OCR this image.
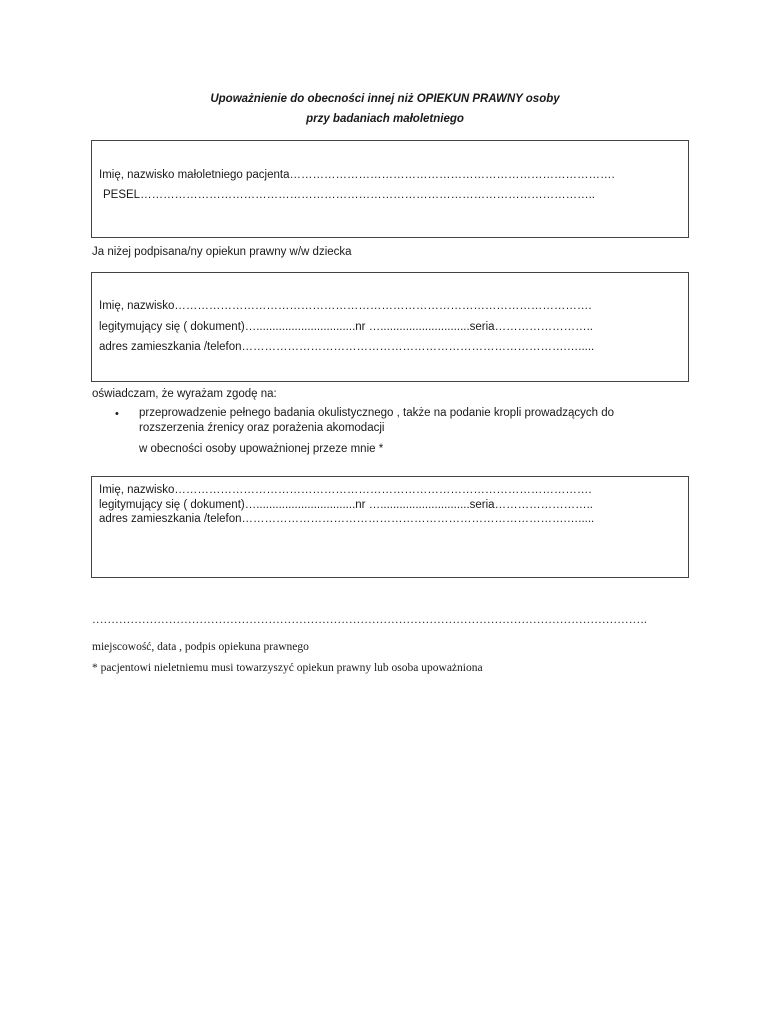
Upoważnienie do obecności innej niż OPIEKUN PRAWNY osoby
przy badaniach małoletniego
Imię, nazwisko małoletniego pacjenta………………………………………………………………………….
PESEL………………………………………………………………………………………………………..
Ja niżej podpisana/ny opiekun prawny w/w dziecka
Imię, nazwisko……………………………………………………………………………………………….
legitymujący się ( dokument)…...............................nr …............................seria……………………..
adres zamieszkania /telefon………………………………………………………………………….….....
oświadczam, że wyrażam zgodę na:
• przeprowadzenie pełnego badania okulistycznego , także na podanie kropli prowadzących do
rozszerzenia źrenicy oraz porażenia akomodacji
w obecności osoby upoważnionej przeze mnie *
Imię, nazwisko……………………………………………………………………………………………….
legitymujący się ( dokument)…...............................nr …............................seria……………………..
adres zamieszkania /telefon………………………………………………………………………….….....
……………………………………………………………………………………………………………………………….
miejscowość, data , podpis opiekuna prawnego
* pacjentowi nieletniemu musi towarzyszyć opiekun prawny lub osoba upoważniona
